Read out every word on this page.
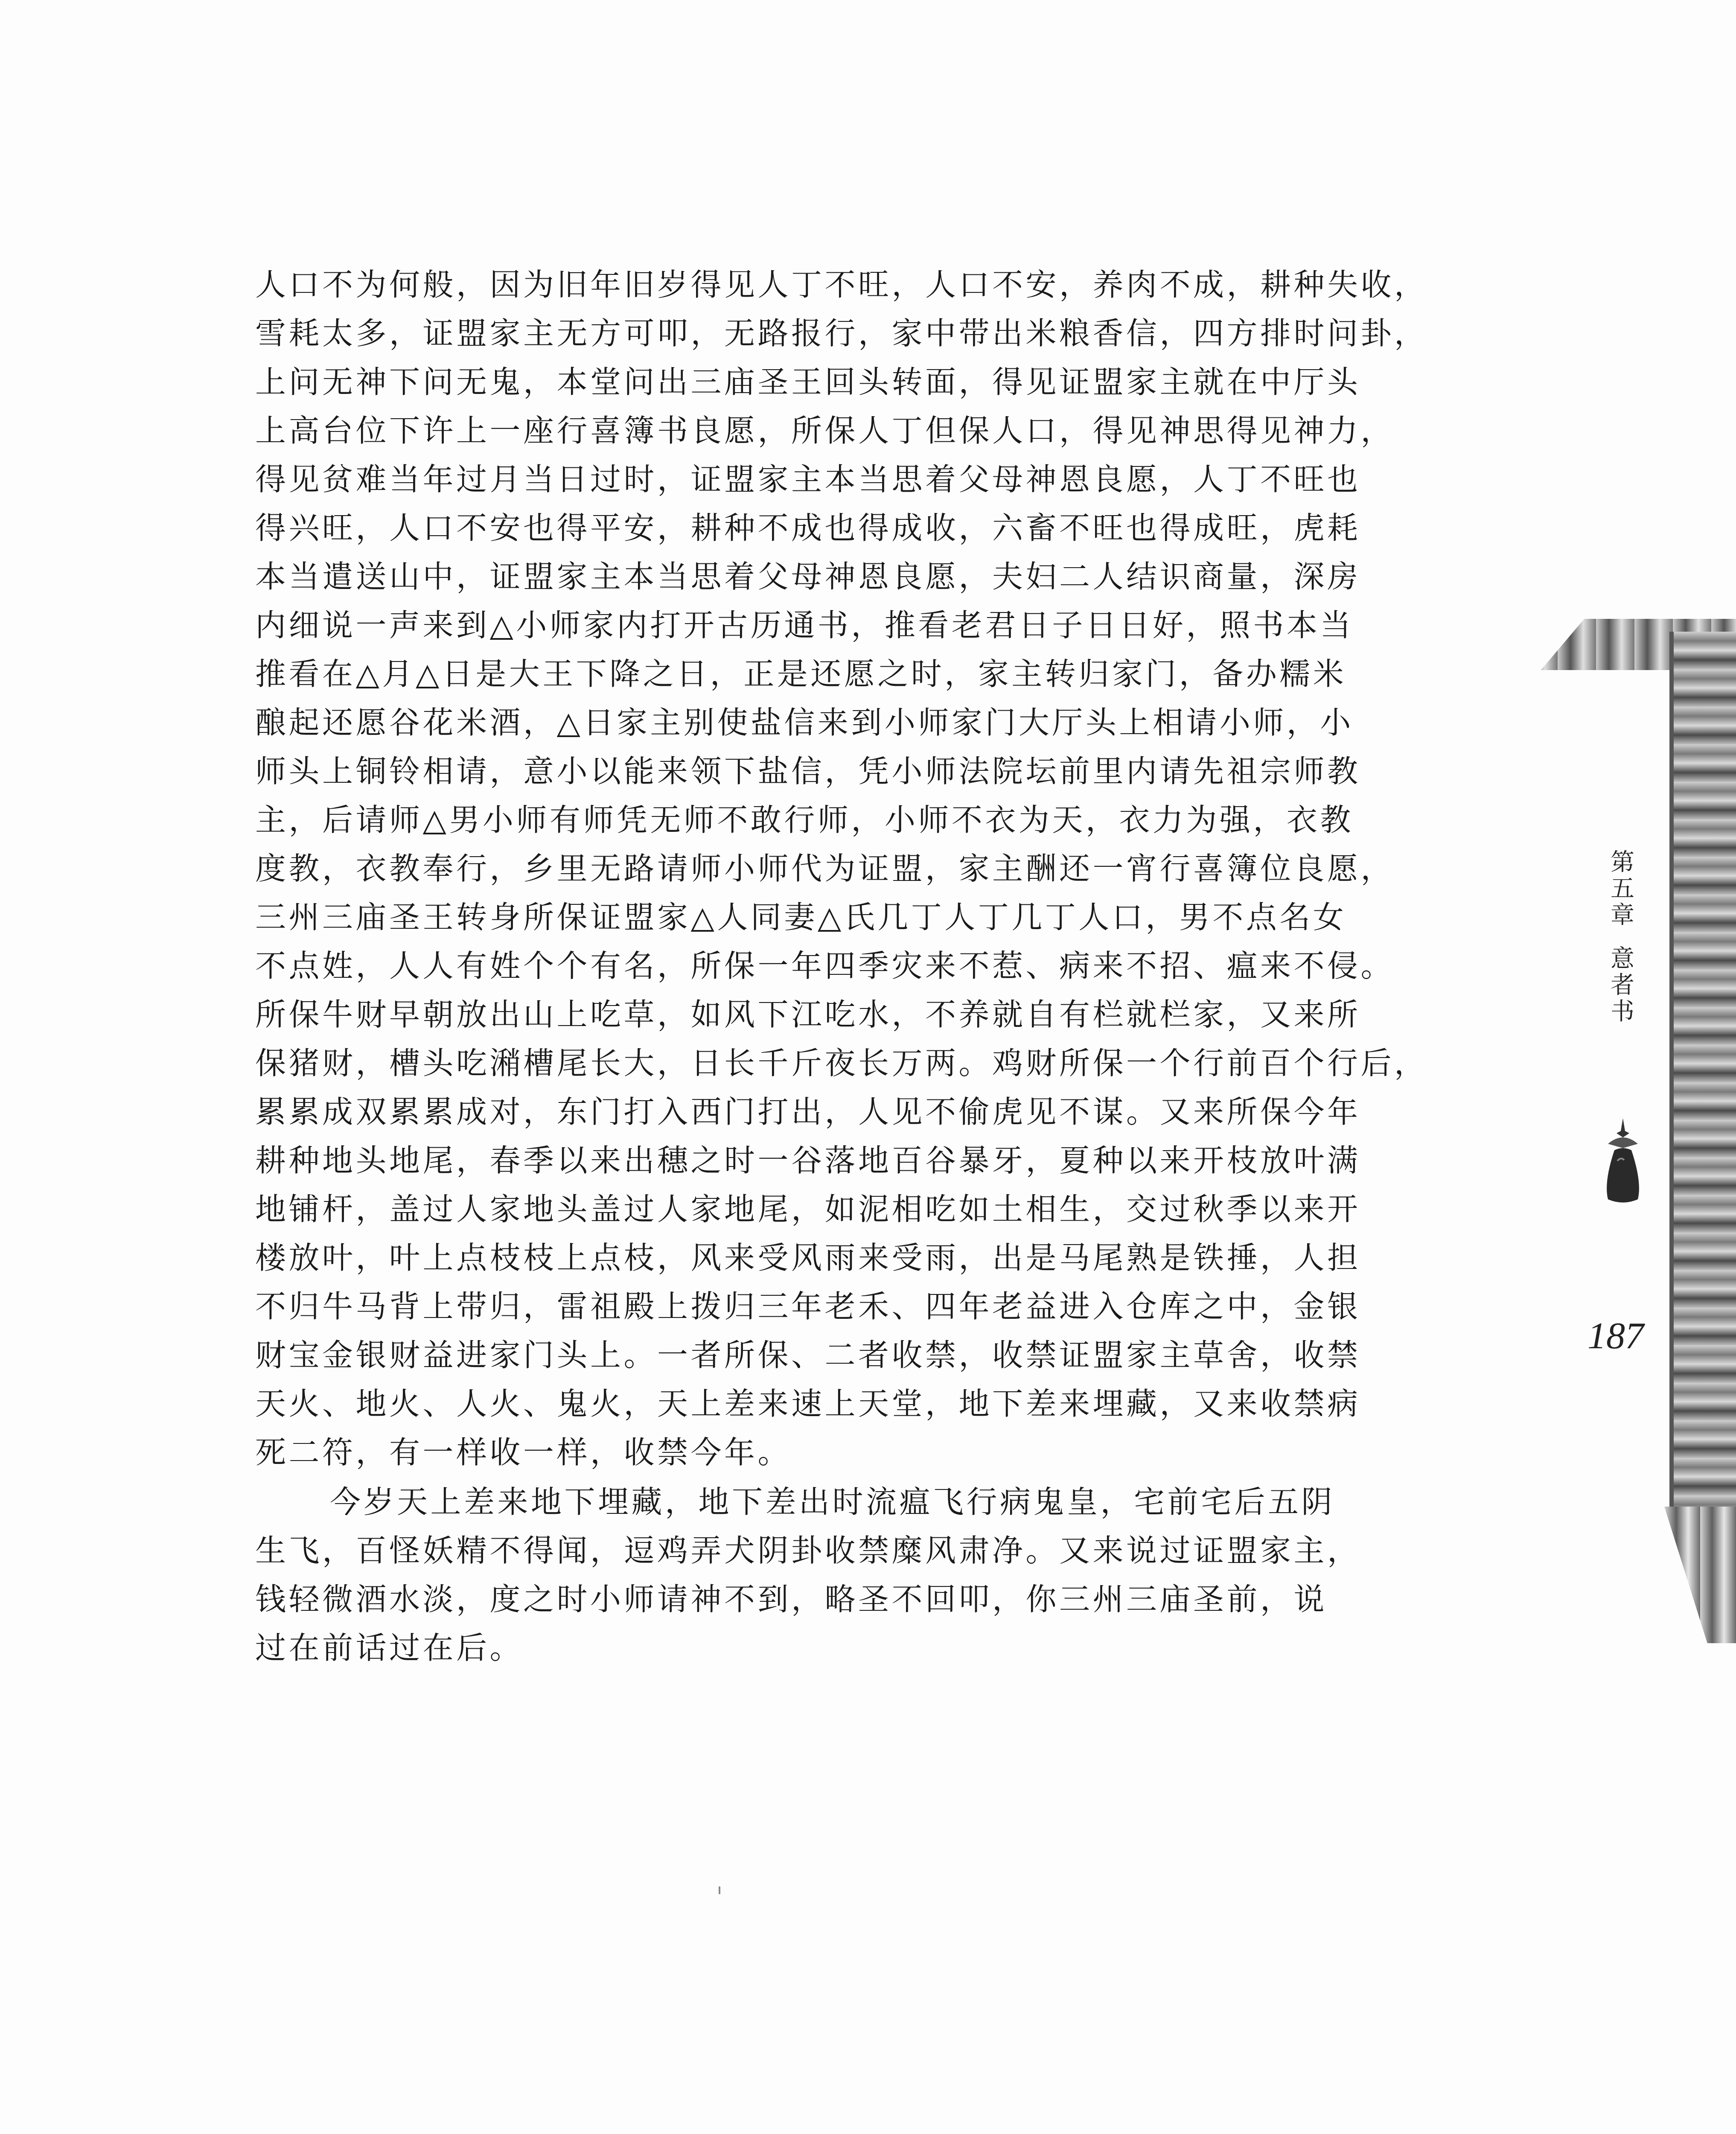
人口不为何般，因为旧年旧岁得见人丁不旺，人口不安，养肉不成，耕种失收，
雪耗太多，证盟家主无方可叩，无路报行，家中带出米粮香信，四方排时问卦，
上问无神下问无鬼，本堂问出三庙圣王回头转面，得见证盟家主就在中厅头
上高台位下许上一座行喜簿书良愿，所保人丁但保人口，得见神思得见神力，
得见贫难当年过月当日过时，证盟家主本当思着父母神恩良愿，人丁不旺也
得兴旺，人口不安也得平安，耕种不成也得成收，六畜不旺也得成旺，虎耗
本当遣送山中，证盟家主本当思着父母神恩良愿，夫妇二人结识商量，深房
内细说一声来到△小师家内打开古历通书，推看老君日子日日好，照书本当
推看在△月△日是大王下降之日，正是还愿之时，家主转归家门，备办糯米
酿起还愿谷花米酒，△日家主别使盐信来到小师家门大厅头上相请小师，小
师头上铜铃相请，意小以能来领下盐信，凭小师法院坛前里内请先祖宗师教
主，后请师△男小师有师凭无师不敢行师，小师不衣为天，衣力为强，衣教
度教，衣教奉行，乡里无路请师小师代为证盟，家主酬还一宵行喜簿位良愿，
三州三庙圣王转身所保证盟家△人同妻△氏几丁人丁几丁人口，男不点名女
不点姓，人人有姓个个有名，所保一年四季灾来不惹、病来不招、瘟来不侵。
所保牛财早朝放出山上吃草，如风下江吃水，不养就自有栏就栏家，又来所
保猪财，槽头吃潲槽尾长大，日长千斤夜长万两。鸡财所保一个行前百个行后，
累累成双累累成对，东门打入西门打出，人见不偷虎见不谋。又来所保今年
耕种地头地尾，春季以来出穗之时一谷落地百谷暴牙，夏种以来开枝放叶满
地铺杆，盖过人家地头盖过人家地尾，如泥相吃如土相生，交过秋季以来开
楼放叶，叶上点枝枝上点枝，风来受风雨来受雨，出是马尾熟是铁捶，人担
不归牛马背上带归，雷祖殿上拨归三年老禾、四年老益进入仓库之中，金银
财宝金银财益进家门头上。一者所保、二者收禁，收禁证盟家主草舍，收禁
天火、地火、人火、鬼火，天上差来速上天堂，地下差来埋藏，又来收禁病
死二符，有一样收一样，收禁今年。
今岁天上差来地下埋藏，地下差出时流瘟飞行病鬼皇，宅前宅后五阴
生飞，百怪妖精不得闻，逗鸡弄犬阴卦收禁糜风肃净。又来说过证盟家主，
钱轻微酒水淡，度之时小师请神不到，略圣不回叩，你三州三庙圣前，说
过在前话过在后。
第
五
章
意
者
书
187
